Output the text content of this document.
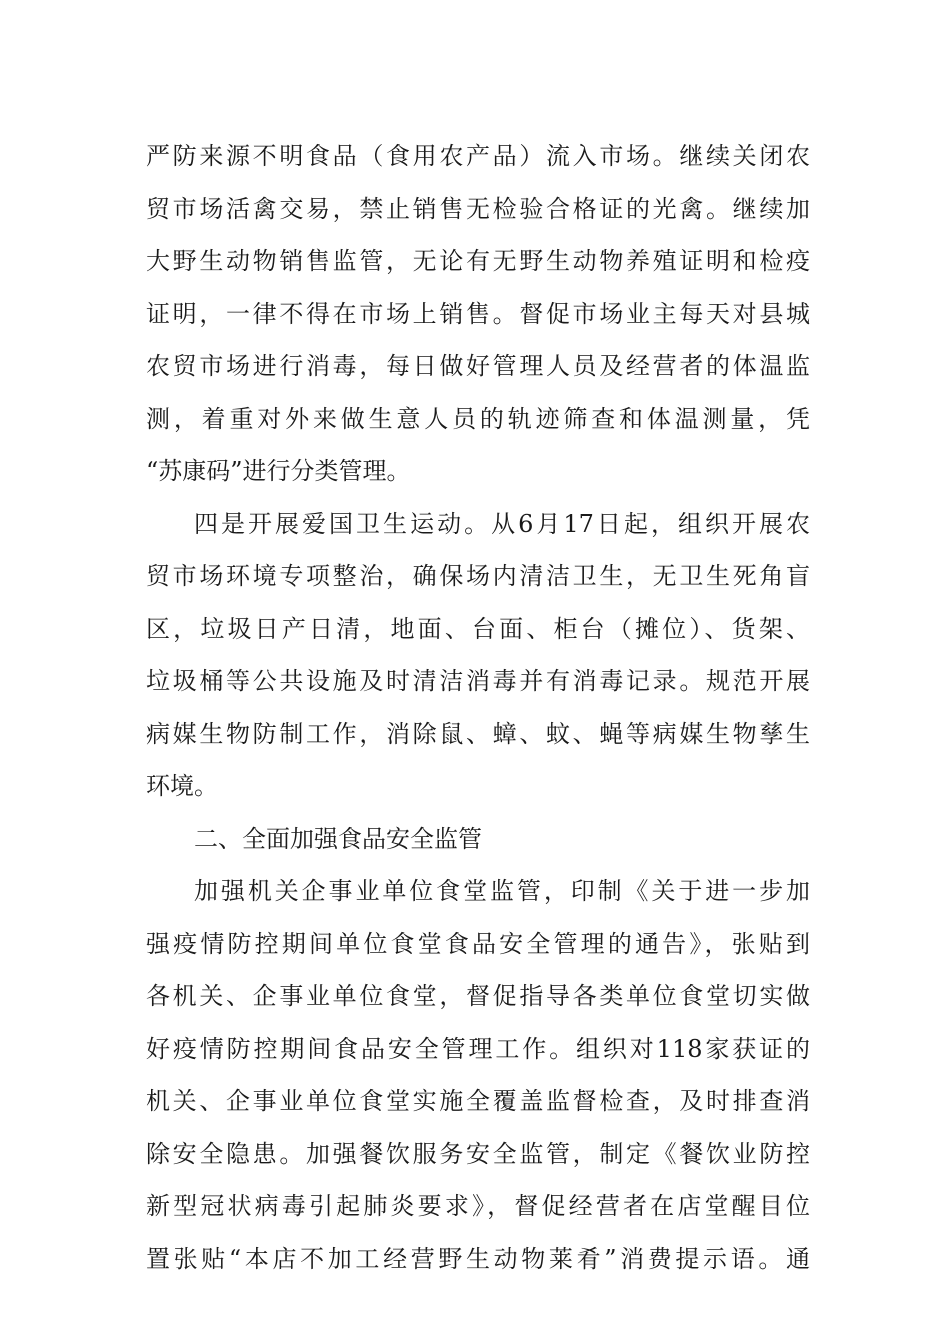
严防来源不明食品（食用农产品）流入市场。继续关闭农
贸市场活禽交易，禁止销售无检验合格证的光禽。继续加
大野生动物销售监管，无论有无野生动物养殖证明和检疫
证明，一律不得在市场上销售。督促市场业主每天对县城
农贸市场进行消毒，每日做好管理人员及经营者的体温监
测，着重对外来做生意人员的轨迹筛查和体温测量，凭
“苏康码”进行分类管理。
四是开展爱国卫生运动。从6月17日起，组织开展农
贸市场环境专项整治，确保场内清洁卫生，无卫生死角盲
区，垃圾日产日清，地面、台面、柜台（摊位）、货架、
垃圾桶等公共设施及时清洁消毒并有消毒记录。规范开展
病媒生物防制工作，消除鼠、蟑、蚊、蝇等病媒生物孳生
环境。
二、全面加强食品安全监管
加强机关企事业单位食堂监管，印制《关于进一步加
强疫情防控期间单位食堂食品安全管理的通告》，张贴到
各机关、企事业单位食堂，督促指导各类单位食堂切实做
好疫情防控期间食品安全管理工作。组织对118家获证的
机关、企事业单位食堂实施全覆盖监督检查，及时排查消
除安全隐患。加强餐饮服务安全监管，制定《餐饮业防控
新型冠状病毒引起肺炎要求》，督促经营者在店堂醒目位
置张贴“本店不加工经营野生动物莱肴”消费提示语。通
